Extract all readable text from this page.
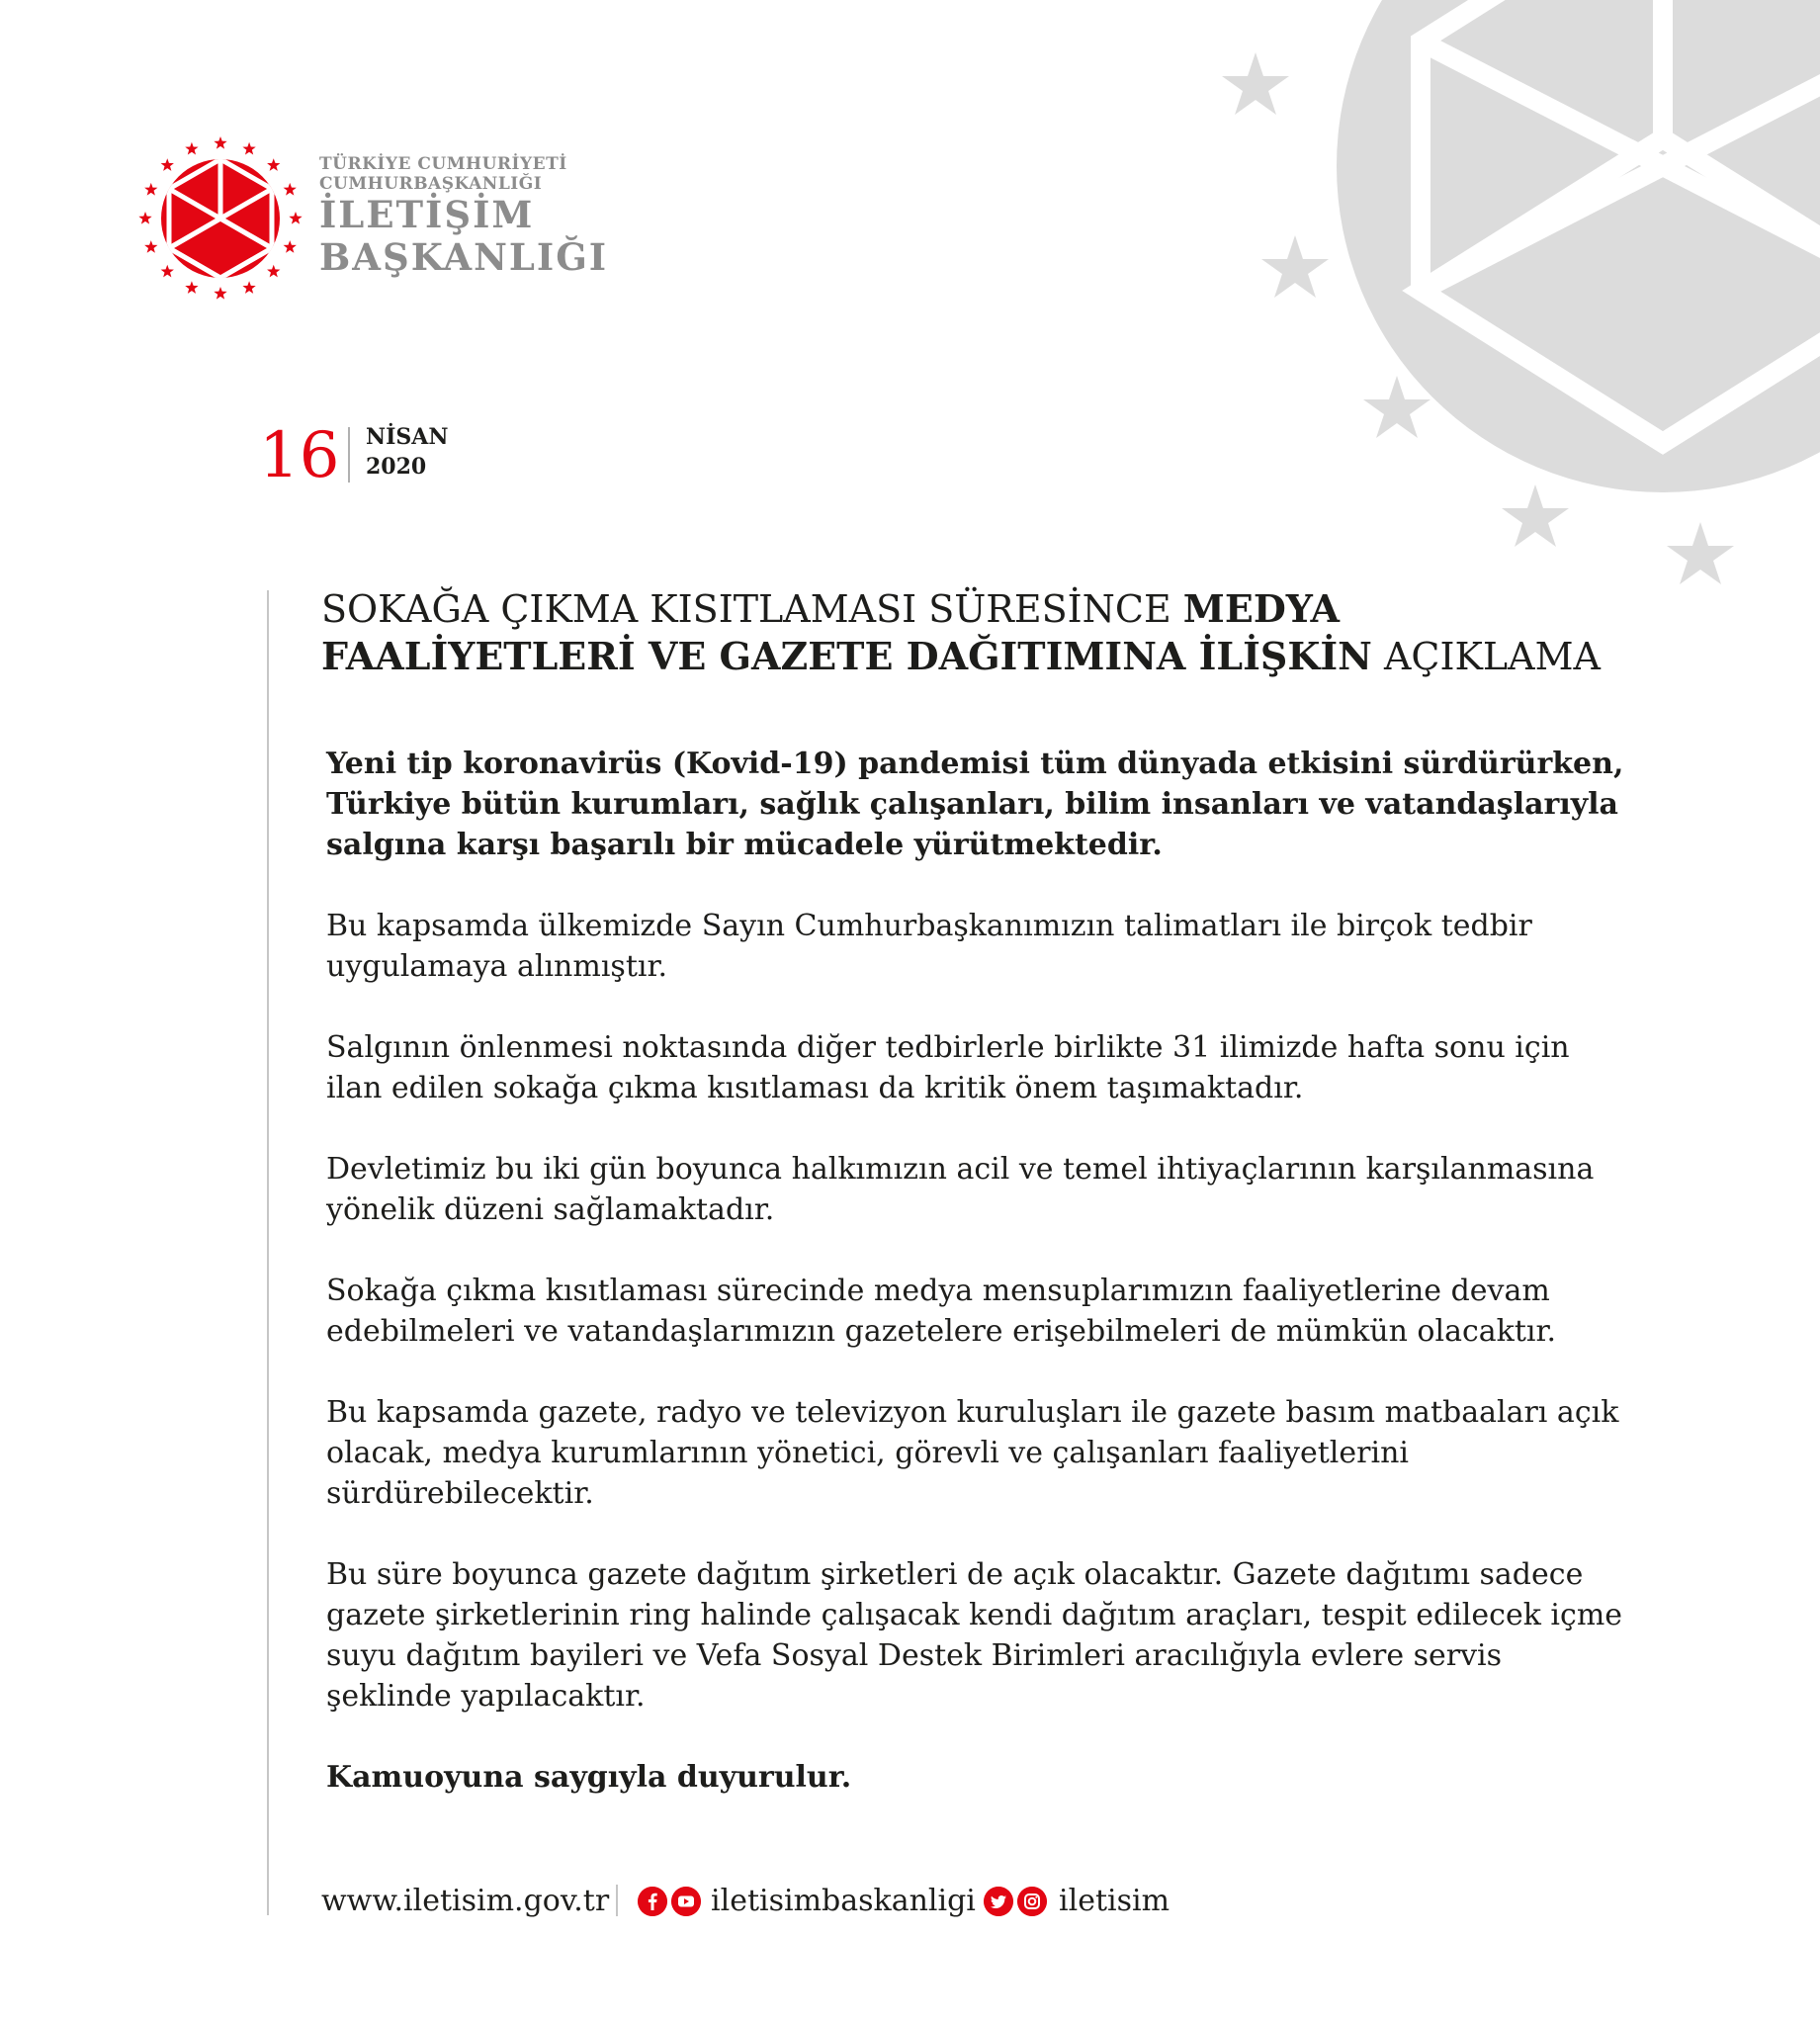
TÜRKİYE CUMHURİYETİ
CUMHURBAŞKANLIĞI
İLETİŞİM
BAŞKANLIĞI
16 NİSAN
2020
SOKAĞA ÇIKMA KISITLAMASI SÜRESİNCE MEDYA
FAALİYETLERİ VE GAZETE DAĞITIMINA İLİŞKİN AÇIKLAMA

Yeni tip koronavirüs (Kovid-19) pandemisi tüm dünyada etkisini sürdürürken, Türkiye bütün kurumları, sağlık çalışanları, bilim insanları ve vatandaşlarıyla salgına karşı başarılı bir mücadele yürütmektedir.

Bu kapsamda ülkemizde Sayın Cumhurbaşkanımızın talimatları ile birçok tedbir uygulamaya alınmıştır.

Salgının önlenmesi noktasında diğer tedbirlerle birlikte 31 ilimizde hafta sonu için ilan edilen sokağa çıkma kısıtlaması da kritik önem taşımaktadır.

Devletimiz bu iki gün boyunca halkımızın acil ve temel ihtiyaçlarının karşılanmasına yönelik düzeni sağlamaktadır.

Sokağa çıkma kısıtlaması sürecinde medya mensuplarımızın faaliyetlerine devam edebilmeleri ve vatandaşlarımızın gazetelere erişebilmeleri de mümkün olacaktır.

Bu kapsamda gazete, radyo ve televizyon kuruluşları ile gazete basım matbaaları açık olacak, medya kurumlarının yönetici, görevli ve çalışanları faaliyetlerini sürdürebilecektir.

Bu süre boyunca gazete dağıtım şirketleri de açık olacaktır. Gazete dağıtımı sadece gazete şirketlerinin ring halinde çalışacak kendi dağıtım araçları, tespit edilecek içme suyu dağıtım bayileri ve Vefa Sosyal Destek Birimleri aracılığıyla evlere servis şeklinde yapılacaktır.

Kamuoyuna saygıyla duyurulur.

www.iletisim.gov.tr	iletisimbaskanligi	iletisim
